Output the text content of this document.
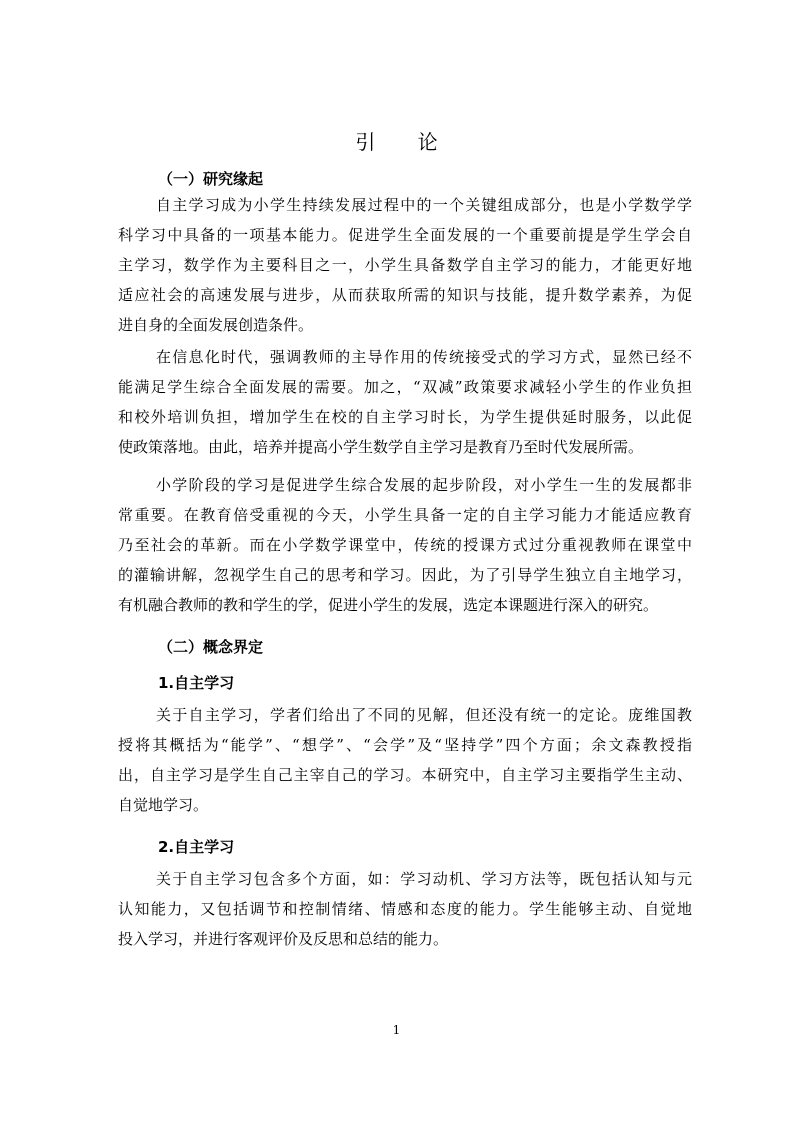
引 论
（一）研究缘起
自主学习成为小学生持续发展过程中的一个关键组成部分，也是小学数学学
科学习中具备的一项基本能力。促进学生全面发展的一个重要前提是学生学会自
主学习，数学作为主要科目之一，小学生具备数学自主学习的能力，才能更好地
适应社会的高速发展与进步，从而获取所需的知识与技能，提升数学素养，为促
进自身的全面发展创造条件。
在信息化时代，强调教师的主导作用的传统接受式的学习方式，显然已经不
能满足学生综合全面发展的需要。加之，“双减”政策要求减轻小学生的作业负担
和校外培训负担，增加学生在校的自主学习时长，为学生提供延时服务，以此促
使政策落地。由此，培养并提高小学生数学自主学习是教育乃至时代发展所需。
小学阶段的学习是促进学生综合发展的起步阶段，对小学生一生的发展都非
常重要。在教育倍受重视的今天，小学生具备一定的自主学习能力才能适应教育
乃至社会的革新。而在小学数学课堂中，传统的授课方式过分重视教师在课堂中
的灌输讲解，忽视学生自己的思考和学习。因此，为了引导学生独立自主地学习，
有机融合教师的教和学生的学，促进小学生的发展，选定本课题进行深入的研究。
（二）概念界定
1.自主学习
关于自主学习，学者们给出了不同的见解，但还没有统一的定论。庞维国教
授将其概括为“能学”、“想学”、“会学”及“坚持学”四个方面；余文森教授指
出，自主学习是学生自己主宰自己的学习。本研究中，自主学习主要指学生主动、
自觉地学习。
2.自主学习
关于自主学习包含多个方面，如：学习动机、学习方法等，既包括认知与元
认知能力，又包括调节和控制情绪、情感和态度的能力。学生能够主动、自觉地
投入学习，并进行客观评价及反思和总结的能力。
1
